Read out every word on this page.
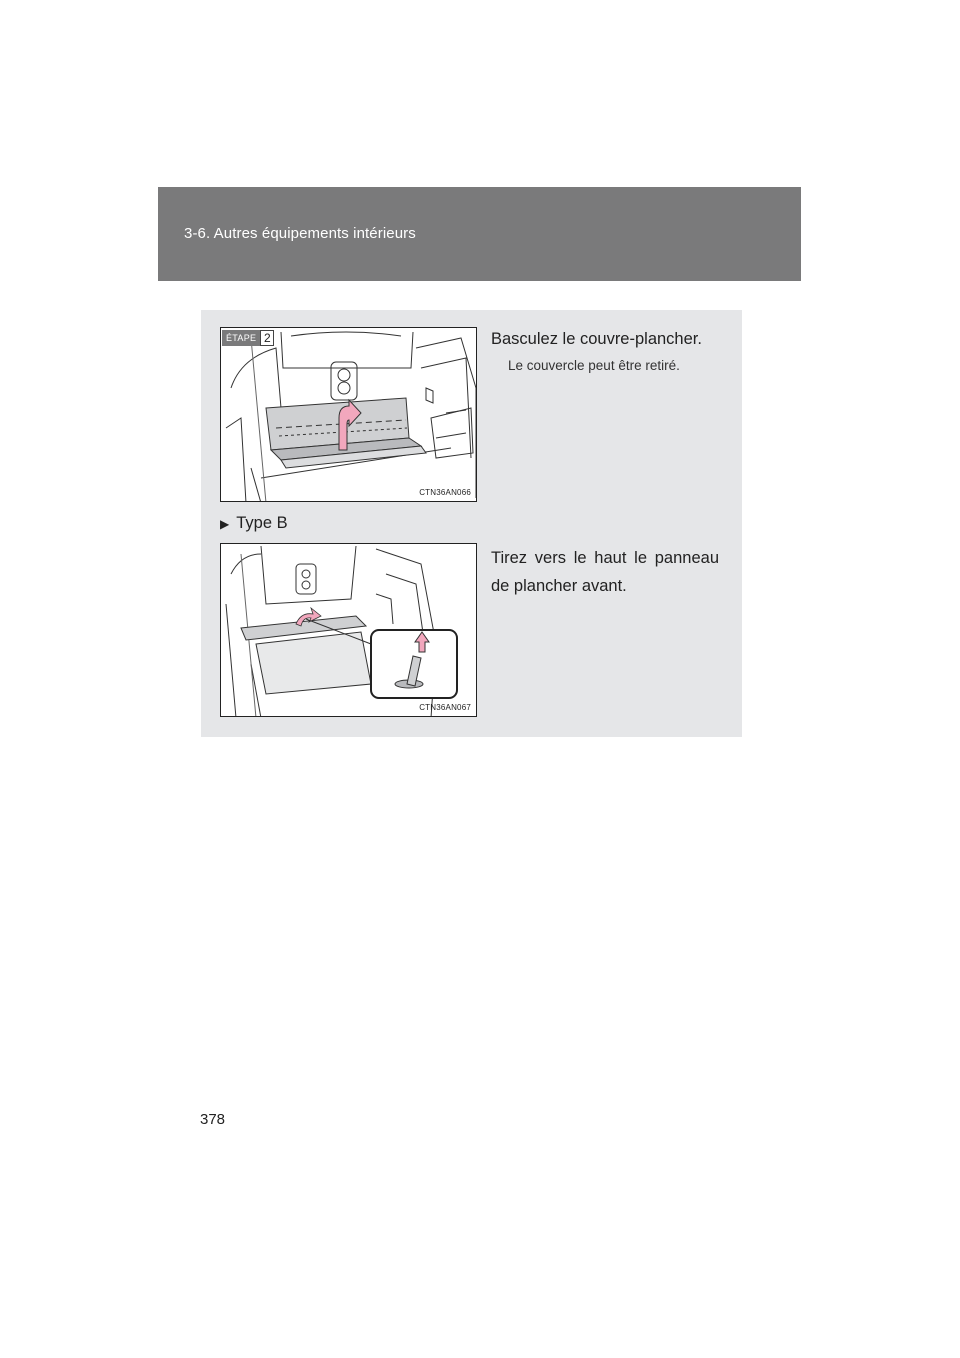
3-6. Autres équipements intérieurs
ÉTAPE 2
CTN36AN066
Basculez le couvre-plancher.
Le couvercle peut être retiré.
▶ Type B
CTN36AN067
Tirez vers le haut le panneau de plancher avant.
378
